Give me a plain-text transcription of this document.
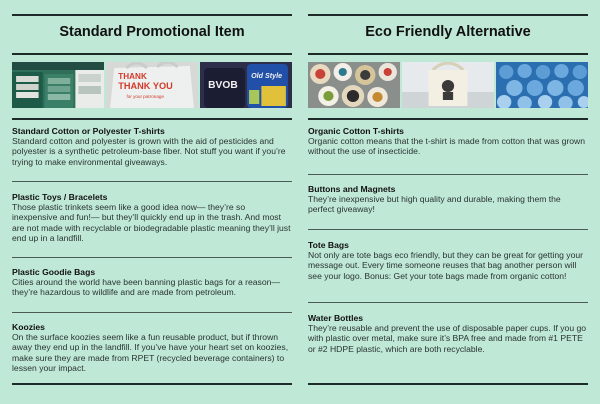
Standard Promotional Item
THANK
THANK YOU
for your patronage
BVOB
Old Style
Standard Cotton or Polyester T-shirts
Standard cotton and polyester is grown with the aid of pesticides and polyester is a synthetic petroleum-base fiber. Not stuff you want if you’re trying to make environmental giveaways.
Plastic Toys / Bracelets
Those plastic trinkets seem like a good idea now— they’re so inexpensive and fun!— but they’ll quickly end up in the trash. And most are not made with recyclable or biodegradable plastic meaning they’ll just end up in a landfill.
Plastic Goodie Bags
Cities around the world have been banning plastic bags for a reason— they’re hazardous to wildlife and are made from petroleum.
Koozies
On the surface koozies seem like a fun reusable product, but if thrown away they end up in the landfill. If you’ve have your heart set on koozies, make sure they are made from RPET (recycled beverage containers) to lessen your impact.
Eco Friendly Alternative
Organic Cotton T-shirts
Organic cotton means that the t-shirt is made from cotton that was grown without the use of insecticide.
Buttons and Magnets
They’re inexpensive but high quality and durable, making them the perfect giveaway!
Tote Bags
Not only are tote bags eco friendly, but they can be great for getting your message out. Every time someone reuses that bag another person will see your logo. Bonus: Get your tote bags made from organic cotton!
Water Bottles
They’re reusable and prevent the use of disposable paper cups. If you go with plastic over metal, make sure it’s BPA free and made from #1 PETE or #2 HDPE plastic, which are both recyclable.
